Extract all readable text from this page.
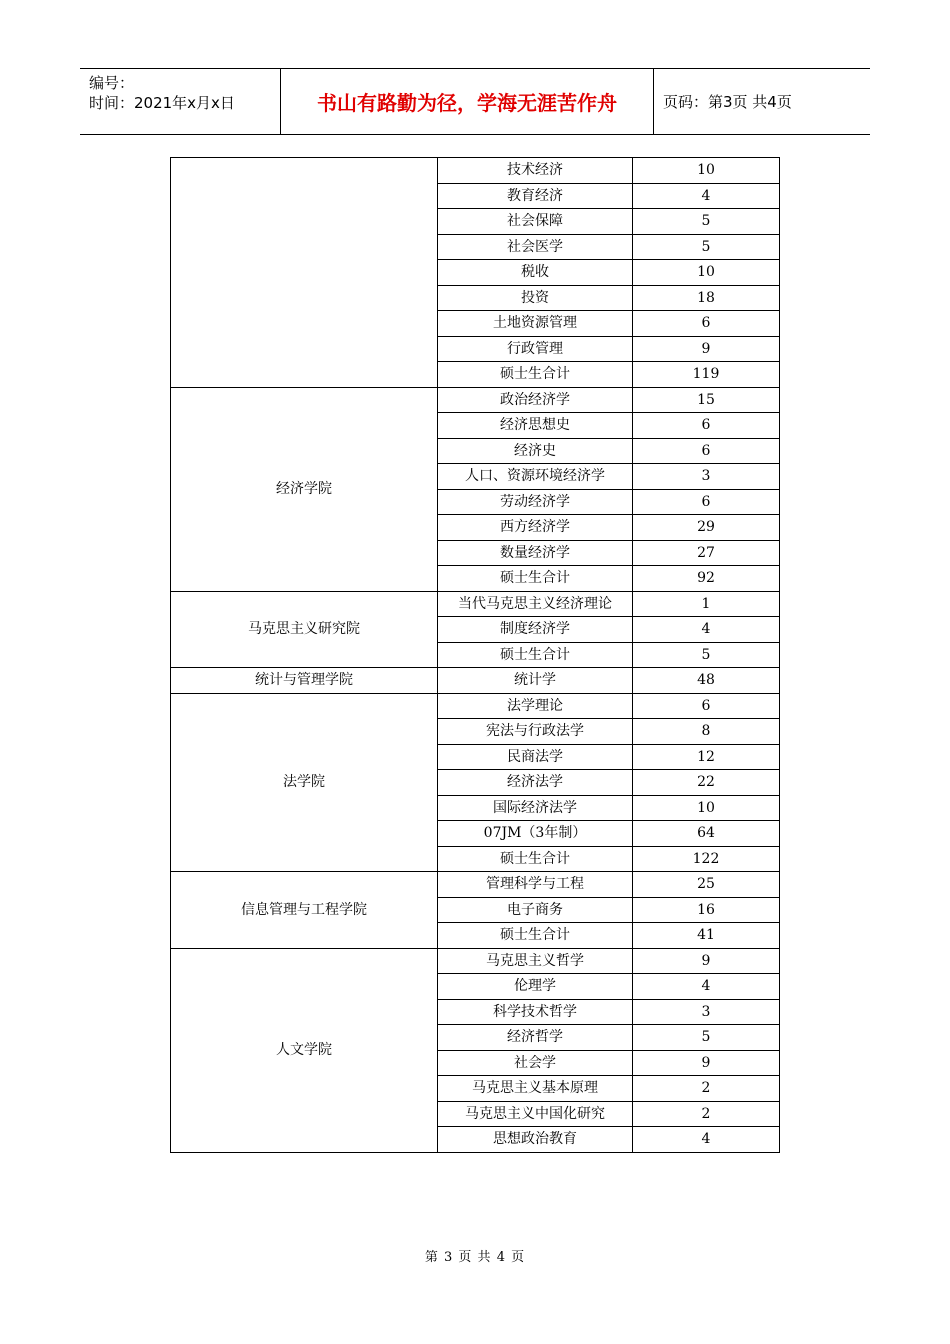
编号：
时间：2021年x月x日	书山有路勤为径，学海无涯苦作舟	页码：第3页 共4页
	技术经济	10
	教育经济	4
	社会保障	5
	社会医学	5
	税收	10
	投资	18
	土地资源管理	6
	行政管理	9
	硕士生合计	119
经济学院	政治经济学	15
	经济思想史	6
	经济史	6
	人口、资源环境经济学	3
	劳动经济学	6
	西方经济学	29
	数量经济学	27
	硕士生合计	92
马克思主义研究院	当代马克思主义经济理论	1
	制度经济学	4
	硕士生合计	5
统计与管理学院	统计学	48
法学院	法学理论	6
	宪法与行政法学	8
	民商法学	12
	经济法学	22
	国际经济法学	10
	07JM（3年制）	64
	硕士生合计	122
信息管理与工程学院	管理科学与工程	25
	电子商务	16
	硕士生合计	41
人文学院	马克思主义哲学	9
	伦理学	4
	科学技术哲学	3
	经济哲学	5
	社会学	9
	马克思主义基本原理	2
	马克思主义中国化研究	2
	思想政治教育	4
第 3 页 共 4 页
